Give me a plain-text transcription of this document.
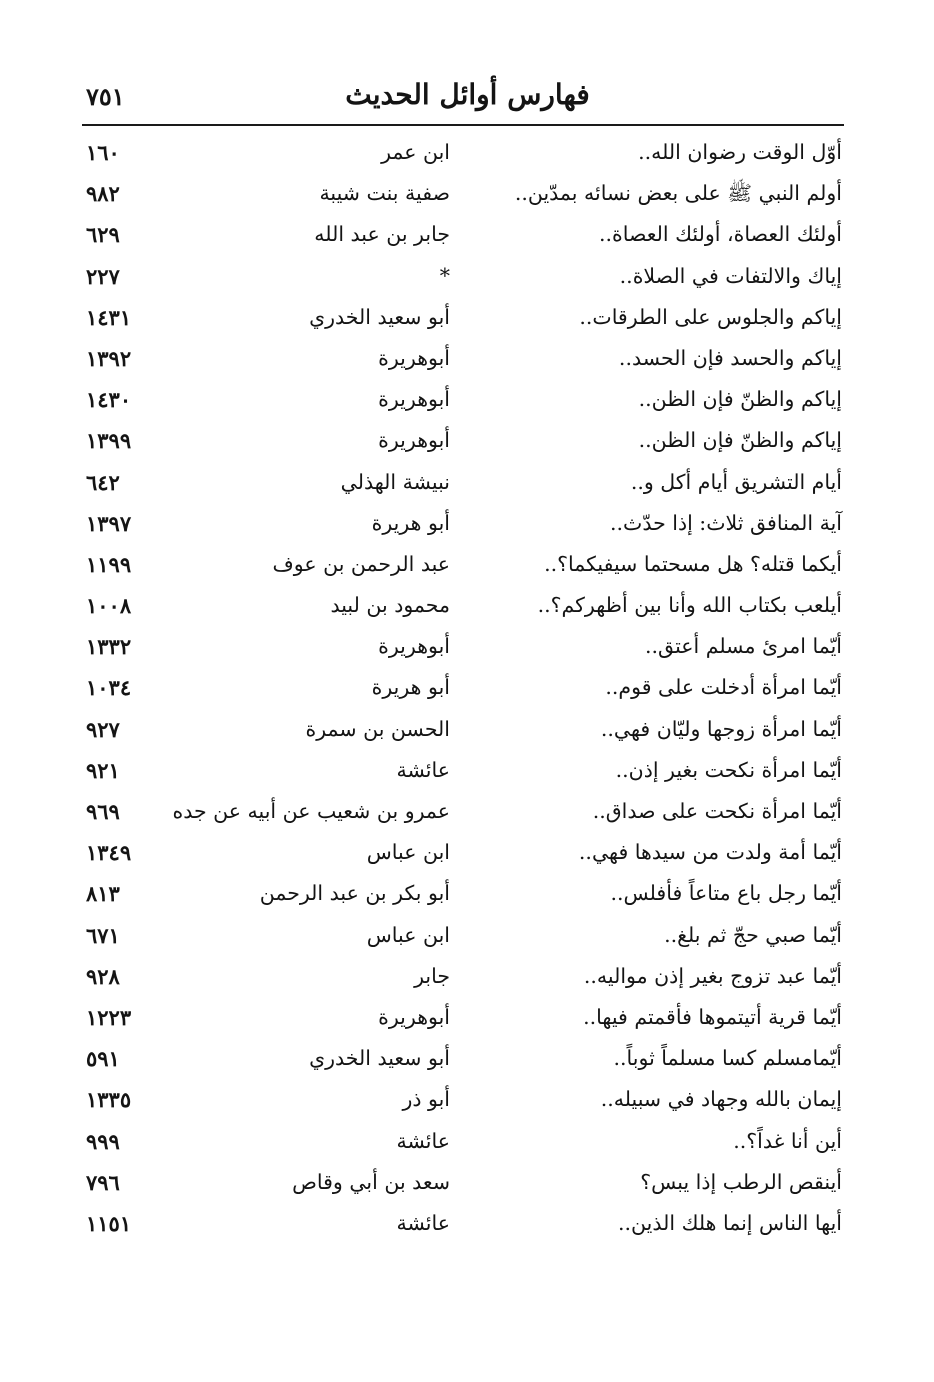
فهارس أوائل الحديث
٧٥١
أوّل الوقت رضوان الله..
ابن عمر
١٦٠
أولم النبي ﷺ على بعض نسائه بمدّين..
صفية بنت شيبة
٩٨٢
أولئك العصاة، أولئك العصاة..
جابر بن عبد الله
٦٢٩
إياك والالتفات في الصلاة..
*
٢٢٧
إياكم والجلوس على الطرقات..
أبو سعيد الخدري
١٤٣١
إياكم والحسد فإن الحسد..
أبوهريرة
١٣٩٢
إياكم والظنّ فإن الظن..
أبوهريرة
١٤٣٠
إياكم والظنّ فإن الظن..
أبوهريرة
١٣٩٩
أيام التشريق أيام أكل و..
نبيشة الهذلي
٦٤٢
آية المنافق ثلاث: إذا حدّث..
أبو هريرة
١٣٩٧
أيكما قتله؟ هل مسحتما سيفيكما؟..
عبد الرحمن بن عوف
١١٩٩
أيلعب بكتاب الله وأنا بين أظهركم؟..
محمود بن لبيد
١٠٠٨
أيّما امرئ مسلم أعتق..
أبوهريرة
١٣٣٢
أيّما امرأة أدخلت على قوم..
أبو هريرة
١٠٣٤
أيّما امرأة زوجها وليّان فهي..
الحسن بن سمرة
٩٢٧
أيّما امرأة نكحت بغير إذن..
عائشة
٩٢١
أيّما امرأة نكحت على صداق..
عمرو بن شعيب عن أبيه عن جده
٩٦٩
أيّما أمة ولدت من سيدها فهي..
ابن عباس
١٣٤٩
أيّما رجل باع متاعاً فأفلس..
أبو بكر بن عبد الرحمن
٨١٣
أيّما صبي حجّ ثم بلغ..
ابن عباس
٦٧١
أيّما عبد تزوج بغير إذن مواليه..
جابر
٩٢٨
أيّما قرية أتيتموها فأقمتم فيها..
أبوهريرة
١٢٢٣
أيّمامسلم كسا مسلماً ثوباً..
أبو سعيد الخدري
٥٩١
إيمان بالله وجهاد في سبيله..
أبو ذر
١٣٣٥
أين أنا غداً؟..
عائشة
٩٩٩
أينقص الرطب إذا يبس؟
سعد بن أبي وقاص
٧٩٦
أيها الناس إنما هلك الذين..
عائشة
١١٥١
